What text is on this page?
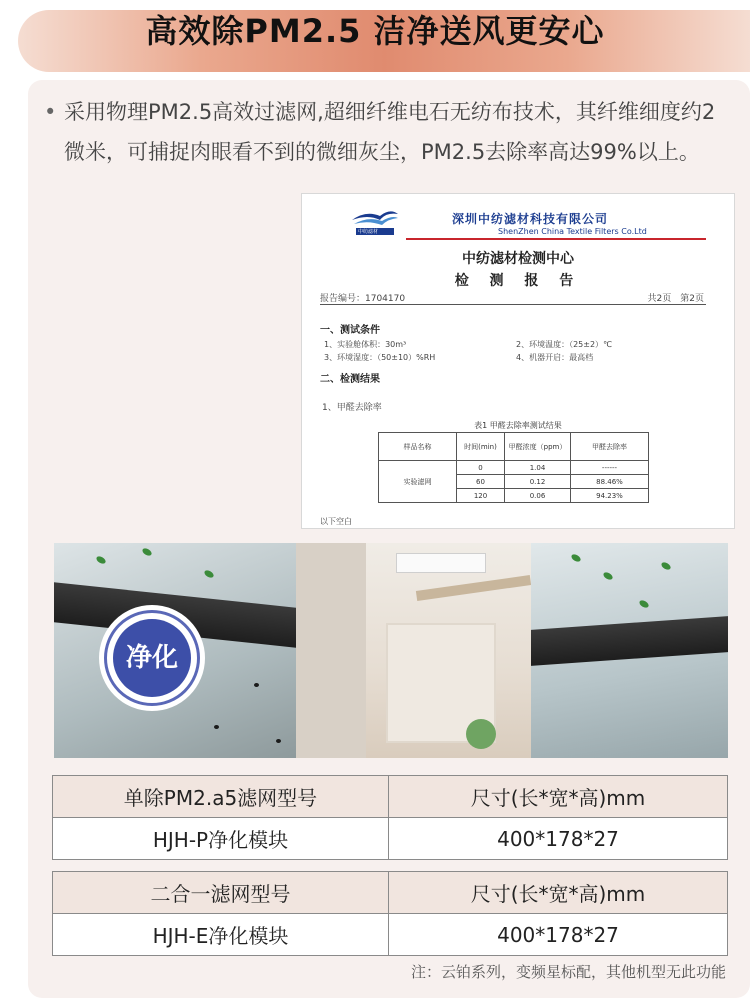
高效除PM2.5 洁净送风更安心
• 采用物理PM2.5高效过滤网,超细纤维电石无纺布技术，其纤维细度约2微米，可捕捉肉眼看不到的微细灰尘，PM2.5去除率高达99%以上。
中纺滤材
深圳中纺滤材科技有限公司
ShenZhen China Textile Filters Co.Ltd
中纺滤材检测中心
检 测 报 告
报告编号：1704170	共2页　第2页
一、测试条件
1、实验舱体积：30m³	2、环境温度：（25±2）℃
3、环境湿度：（50±10）%RH	4、机器开启：最高档
二、检测结果
1、甲醛去除率
表1 甲醛去除率测试结果
样品名称	时间(min)	甲醛浓度（ppm）	甲醛去除率
实验滤网	0	1.04	------
	60	0.12	88.46%
	120	0.06	94.23%
以下空白
净化
单除PM2.a5滤网型号	尺寸(长*宽*高)mm
HJH-P净化模块	400*178*27
二合一滤网型号	尺寸(长*宽*高)mm
HJH-E净化模块	400*178*27
注：云铂系列，变频星标配，其他机型无此功能
